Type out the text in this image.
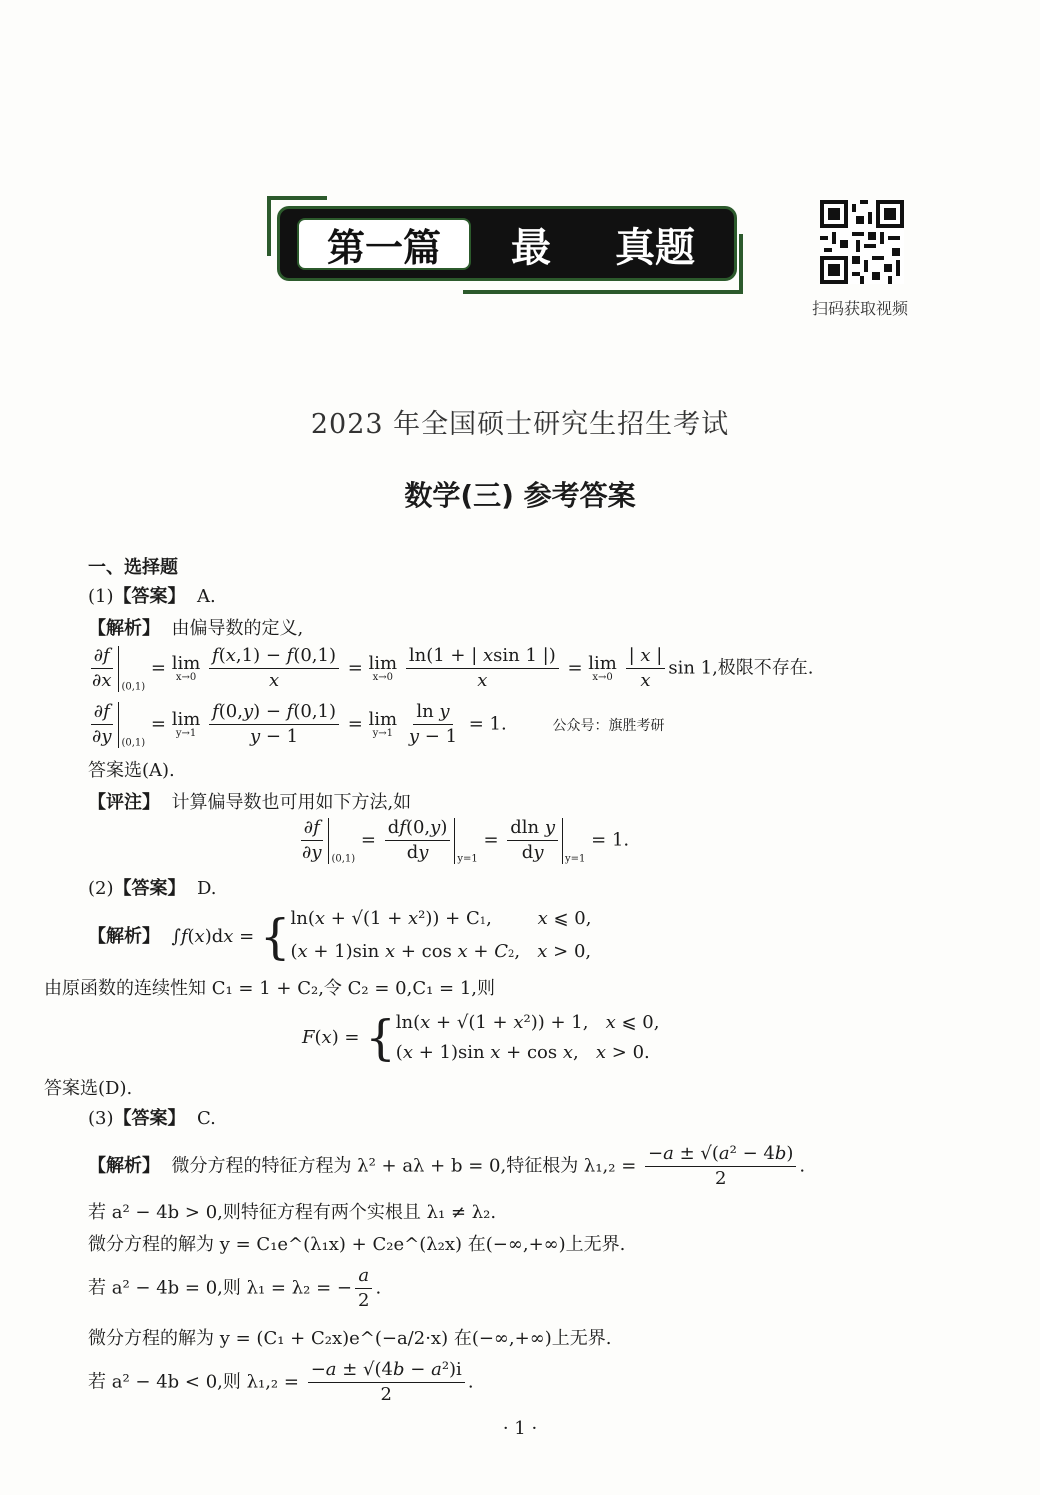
第一篇	最 真题
扫码获取视频
2023 年全国硕士研究生招生考试
数学(三) 参考答案
一、选择题
(1)【答案】 A.
【解析】 由偏导数的定义,
$\frac{\partial f}{\partial x} _{(0,1)} = \lim$
x→0
$\frac{f(x,1) - f(0,1)}{x} = \lim$
x→0
$\frac{\ln(1 + | xsin 1 |)}{x} = \lim$
x→0
$\frac{| x |}{x}$ sin 1,极限不存在.
$\frac{\partial f}{\partial y} _{(0,1)} = \lim$
y→1
$\frac{f(0,y) - f(0,1)}{y - 1} = \lim$
y→1
$\frac{\text{ln y}}{y - 1} = 1$.	公众号：旗胜考研
答案选(A).
【评注】 计算偏导数也可用如下方法,如
$\frac{\partial f}{\partial y} _{(0,1)} = \frac{df(0,y)}{dy} _{y=1} = \frac{\text{dln y}}{dy} _{y=1} = 1$.
(2)【答案】 D.
【解析】  ∫f(x)dx = { ln(x + √(1 + x²)) + C1,        x ⩽ 0,
(x + 1)sin x + cos x + C2,   x > 0,
由原函数的连续性知 C₁ = 1 + C₂,令 C₂ = 0,C₁ = 1,则
F(x) = { ln(x + √(1 + x²)) + 1,   x ⩽ 0,
(x + 1)sin x + cos x,   x > 0.
答案选(D).
(3)【答案】 C.
【解析】 微分方程的特征方程为 λ² + aλ + b = 0,特征根为 $\lambda_1,_2 = \frac{\text{−a ± √(a² − 4b)}}{2}$ .
若 a² − 4b > 0,则特征方程有两个实根且 λ₁ ≠ λ₂.
微分方程的解为 y = C₁e^(λ₁x) + C₂e^(λ₂x) 在(−∞,+∞)上无界.
若 a² − 4b = 0,则 λ₁ = λ₂ = − $\frac{a}{2}$ .
微分方程的解为 y = (C₁ + C₂x)e^(−a/2·x) 在(−∞,+∞)上无界.
若 a² − 4b < 0,则 $\lambda_1,_2 = \frac{\text{−a ± √(4b − a²)i}}{2}$ .
· 1 ·
